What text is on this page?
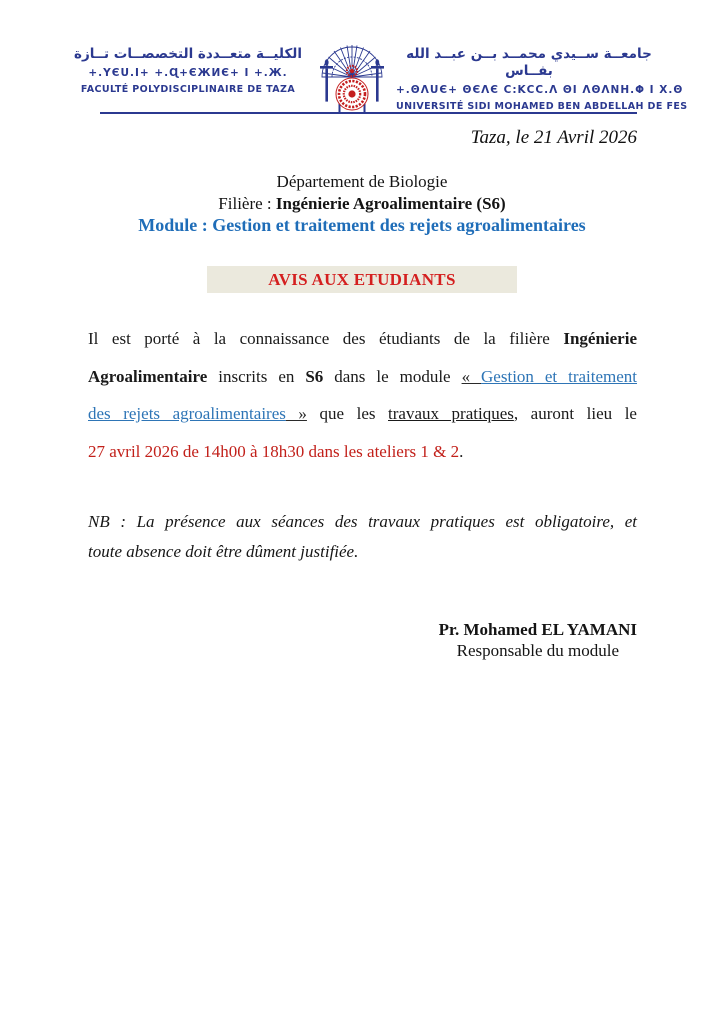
الكليــة متعــددة التخصصــات تــازة
+.ΥЄU.Ι+ +.Ɋ+ЄЖИЄ+ Ι +.Ж.
FACULTÉ POLYDISCIPLINAIRE DE TAZA
جامعــة ســيدي محمــد بــن عبــد الله بفــاس
+.ΘΛUЄ+ ΘЄΛЄ C:ΚCC.Λ ΘΙ ΛΘΛΝΗ.Φ Ι X.Θ
UNIVERSITÉ SIDI MOHAMED BEN ABDELLAH DE FES
Taza, le 21 Avril 2026
Département de Biologie
Filière : Ingénierie Agroalimentaire (S6)
Module : Gestion et traitement des rejets agroalimentaires
AVIS AUX ETUDIANTS
Il est porté à la connaissance des étudiants de la filière Ingénierie
Agroalimentaire inscrits en S6 dans le module « Gestion et traitement
des rejets agroalimentaires » que les travaux pratiques, auront lieu le
27 avril 2026 de 14h00 à 18h30 dans les ateliers 1 & 2.
NB : La présence aux séances des travaux pratiques est obligatoire, et
toute absence doit être dûment justifiée.
Pr. Mohamed EL YAMANI
Responsable du module
